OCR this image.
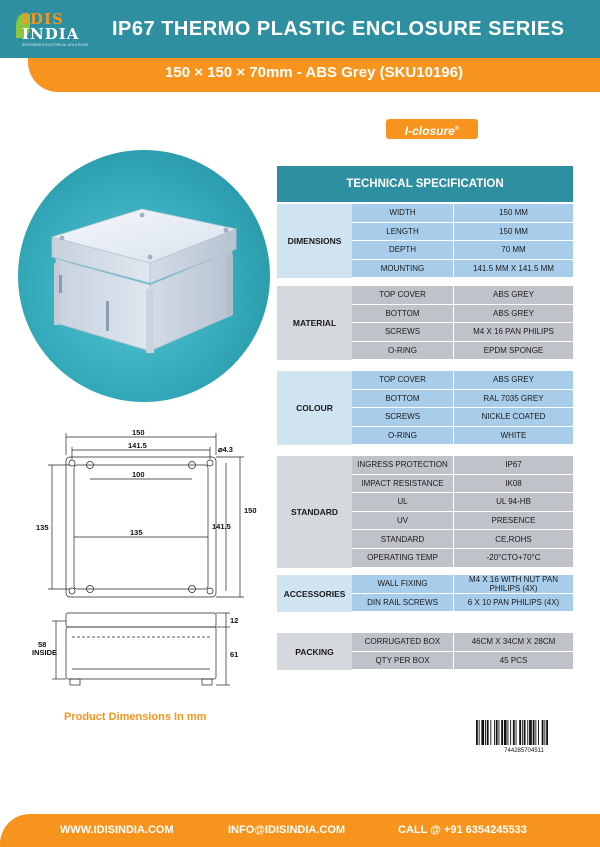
IDIS
INDIA
INTEGRATED ELECTRICAL SOLUTIONS
IP67 THERMO PLASTIC ENCLOSURE SERIES
150 × 150 × 70mm - ABS Grey (SKU10196)
I-closure®
150
141.5	⌀4.3
100
135
135
150
141.5
12
58
INSIDE	61
Product Dimensions In mm
TECHNICAL SPECIFICATION
DIMENSIONS
WIDTH	150 MM
LENGTH	150 MM
DEPTH	70 MM
MOUNTING	141.5 MM X 141.5 MM
MATERIAL
TOP COVER	ABS GREY
BOTTOM	ABS GREY
SCREWS	M4 X 16 PAN PHILIPS
O-RING	EPDM SPONGE
COLOUR
TOP COVER	ABS GREY
BOTTOM	RAL 7035 GREY
SCREWS	NICKLE COATED
O-RING	WHITE
STANDARD
INGRESS PROTECTION	IP67
IMPACT RESISTANCE	IK08
UL	UL 94-HB
UV	PRESENCE
STANDARD	CE,ROHS
OPERATING TEMP	-20°CTO+70°C
ACCESSORIES
WALL FIXING	M4 X 16 WITH NUT PAN PHILIPS (4X)
DIN RAIL SCREWS	6 X 10 PAN PHILIPS (4X)
PACKING
CORRUGATED BOX	46CM X 34CM X 28CM
QTY PER BOX	45 PCS
744285704511
WWW.IDISINDIA.COM	INFO@IDISINDIA.COM	CALL @ +91 6354245533
